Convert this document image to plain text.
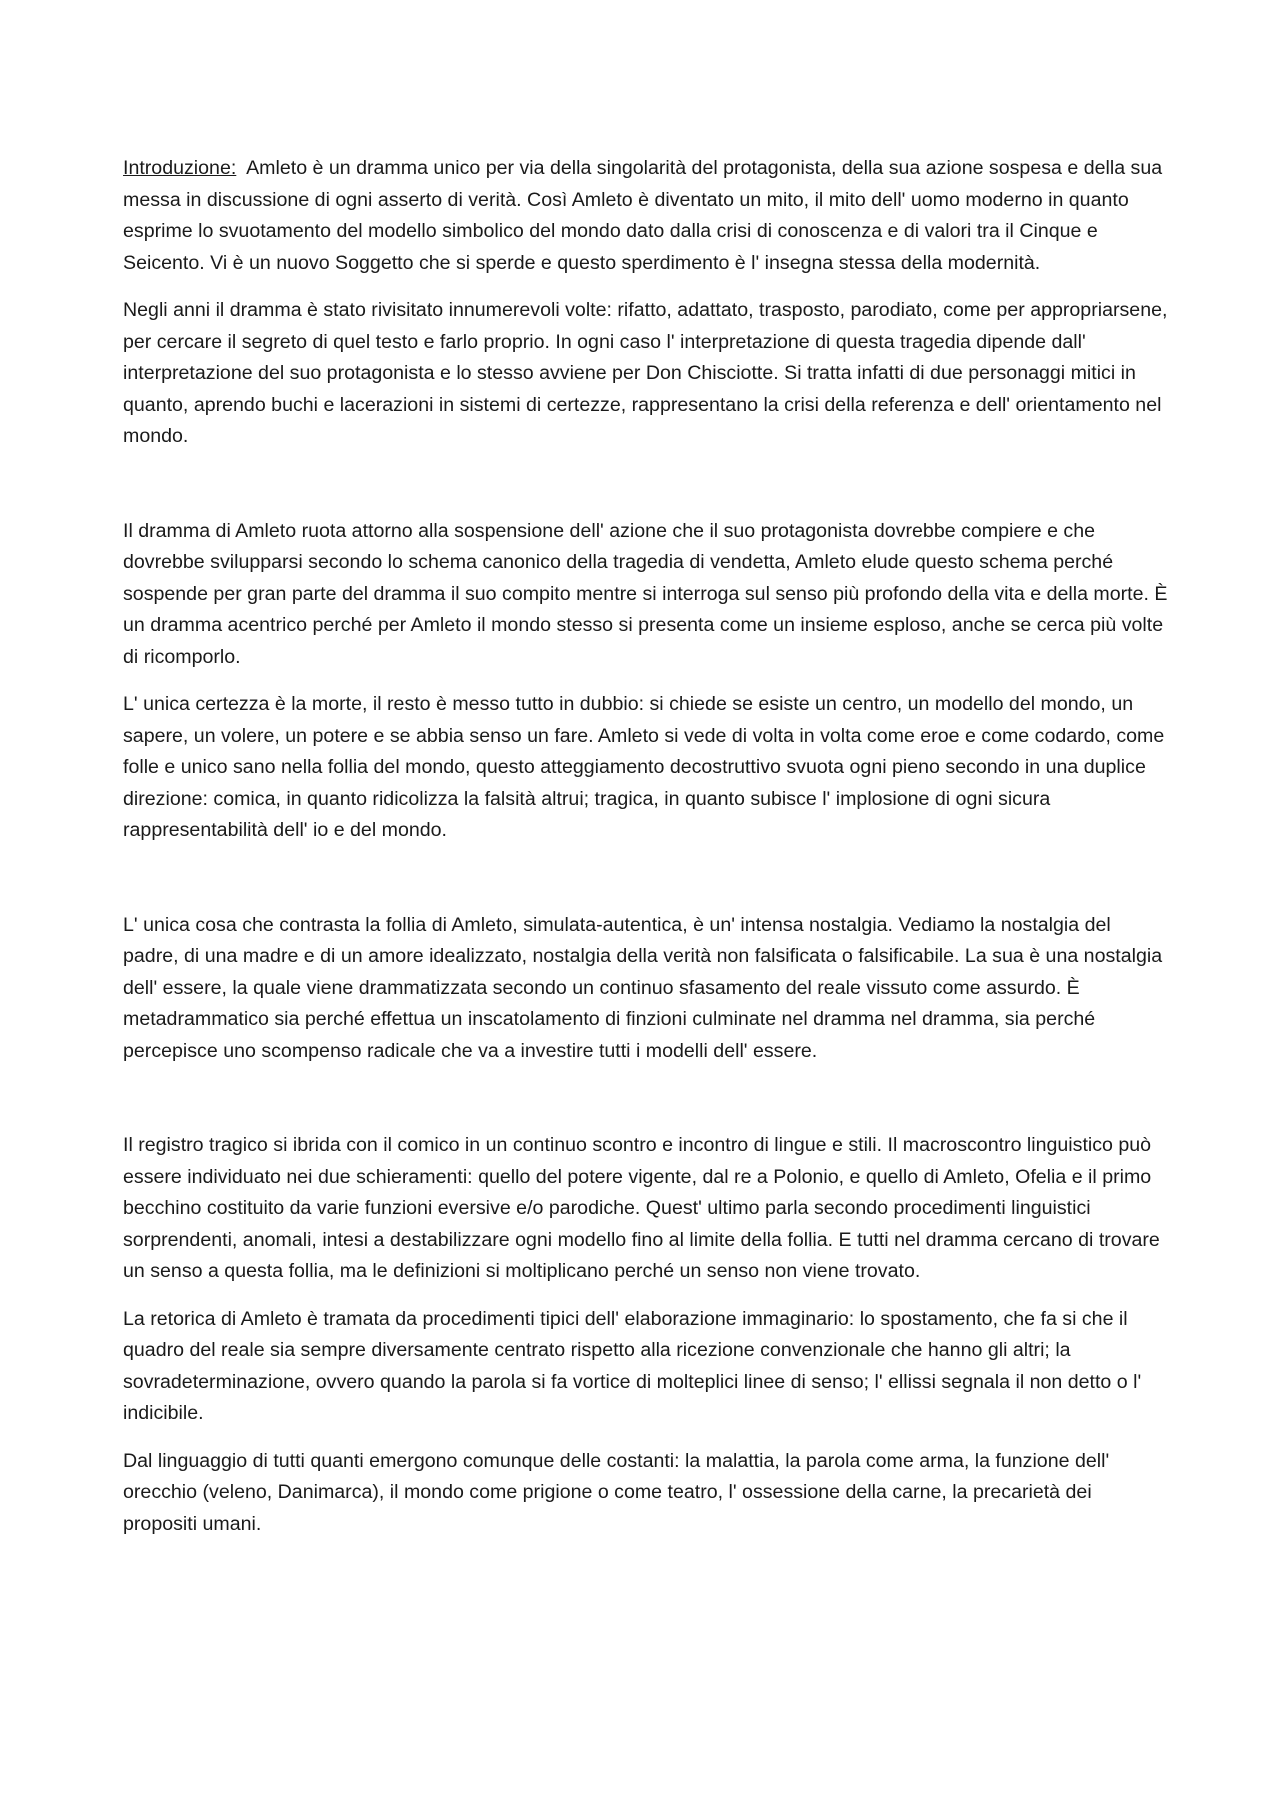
Introduzione: Amleto è un dramma unico per via della singolarità del protagonista, della sua azione sospesa e della sua messa in discussione di ogni asserto di verità. Così Amleto è diventato un mito, il mito dell' uomo moderno in quanto esprime lo svuotamento del modello simbolico del mondo dato dalla crisi di conoscenza e di valori tra il Cinque e Seicento. Vi è un nuovo Soggetto che si sperde e questo sperdimento è l' insegna stessa della modernità.

Negli anni il dramma è stato rivisitato innumerevoli volte: rifatto, adattato, trasposto, parodiato, come per appropriarsene, per cercare il segreto di quel testo e farlo proprio. In ogni caso l' interpretazione di questa tragedia dipende dall' interpretazione del suo protagonista e lo stesso avviene per Don Chisciotte. Si tratta infatti di due personaggi mitici in quanto, aprendo buchi e lacerazioni in sistemi di certezze, rappresentano la crisi della referenza e dell' orientamento nel mondo.

Il dramma di Amleto ruota attorno alla sospensione dell' azione che il suo protagonista dovrebbe compiere e che dovrebbe svilupparsi secondo lo schema canonico della tragedia di vendetta, Amleto elude questo schema perché sospende per gran parte del dramma il suo compito mentre si interroga sul senso più profondo della vita e della morte. È un dramma acentrico perché per Amleto il mondo stesso si presenta come un insieme esploso, anche se cerca più volte di ricomporlo.

L' unica certezza è la morte, il resto è messo tutto in dubbio: si chiede se esiste un centro, un modello del mondo, un sapere, un volere, un potere e se abbia senso un fare. Amleto si vede di volta in volta come eroe e come codardo, come folle e unico sano nella follia del mondo, questo atteggiamento decostruttivo svuota ogni pieno secondo in una duplice direzione: comica, in quanto ridicolizza la falsità altrui; tragica, in quanto subisce l' implosione di ogni sicura rappresentabilità dell' io e del mondo.

L' unica cosa che contrasta la follia di Amleto, simulata-autentica, è un' intensa nostalgia. Vediamo la nostalgia del padre, di una madre e di un amore idealizzato, nostalgia della verità non falsificata o falsificabile. La sua è una nostalgia dell' essere, la quale viene drammatizzata secondo un continuo sfasamento del reale vissuto come assurdo. È metadrammatico sia perché effettua un inscatolamento di finzioni culminate nel dramma nel dramma, sia perché percepisce uno scompenso radicale che va a investire tutti i modelli dell' essere.

Il registro tragico si ibrida con il comico in un continuo scontro e incontro di lingue e stili. Il macroscontro linguistico può essere individuato nei due schieramenti: quello del potere vigente, dal re a Polonio, e quello di Amleto, Ofelia e il primo becchino costituito da varie funzioni eversive e/o parodiche. Quest' ultimo parla secondo procedimenti linguistici sorprendenti, anomali, intesi a destabilizzare ogni modello fino al limite della follia. E tutti nel dramma cercano di trovare un senso a questa follia, ma le definizioni si moltiplicano perché un senso non viene trovato.

La retorica di Amleto è tramata da procedimenti tipici dell' elaborazione immaginario: lo spostamento, che fa si che il quadro del reale sia sempre diversamente centrato rispetto alla ricezione convenzionale che hanno gli altri; la sovradeterminazione, ovvero quando la parola si fa vortice di molteplici linee di senso; l' ellissi segnala il non detto o l' indicibile.

Dal linguaggio di tutti quanti emergono comunque delle costanti: la malattia, la parola come arma, la funzione dell' orecchio (veleno, Danimarca), il mondo come prigione o come teatro, l' ossessione della carne, la precarietà dei propositi umani.
